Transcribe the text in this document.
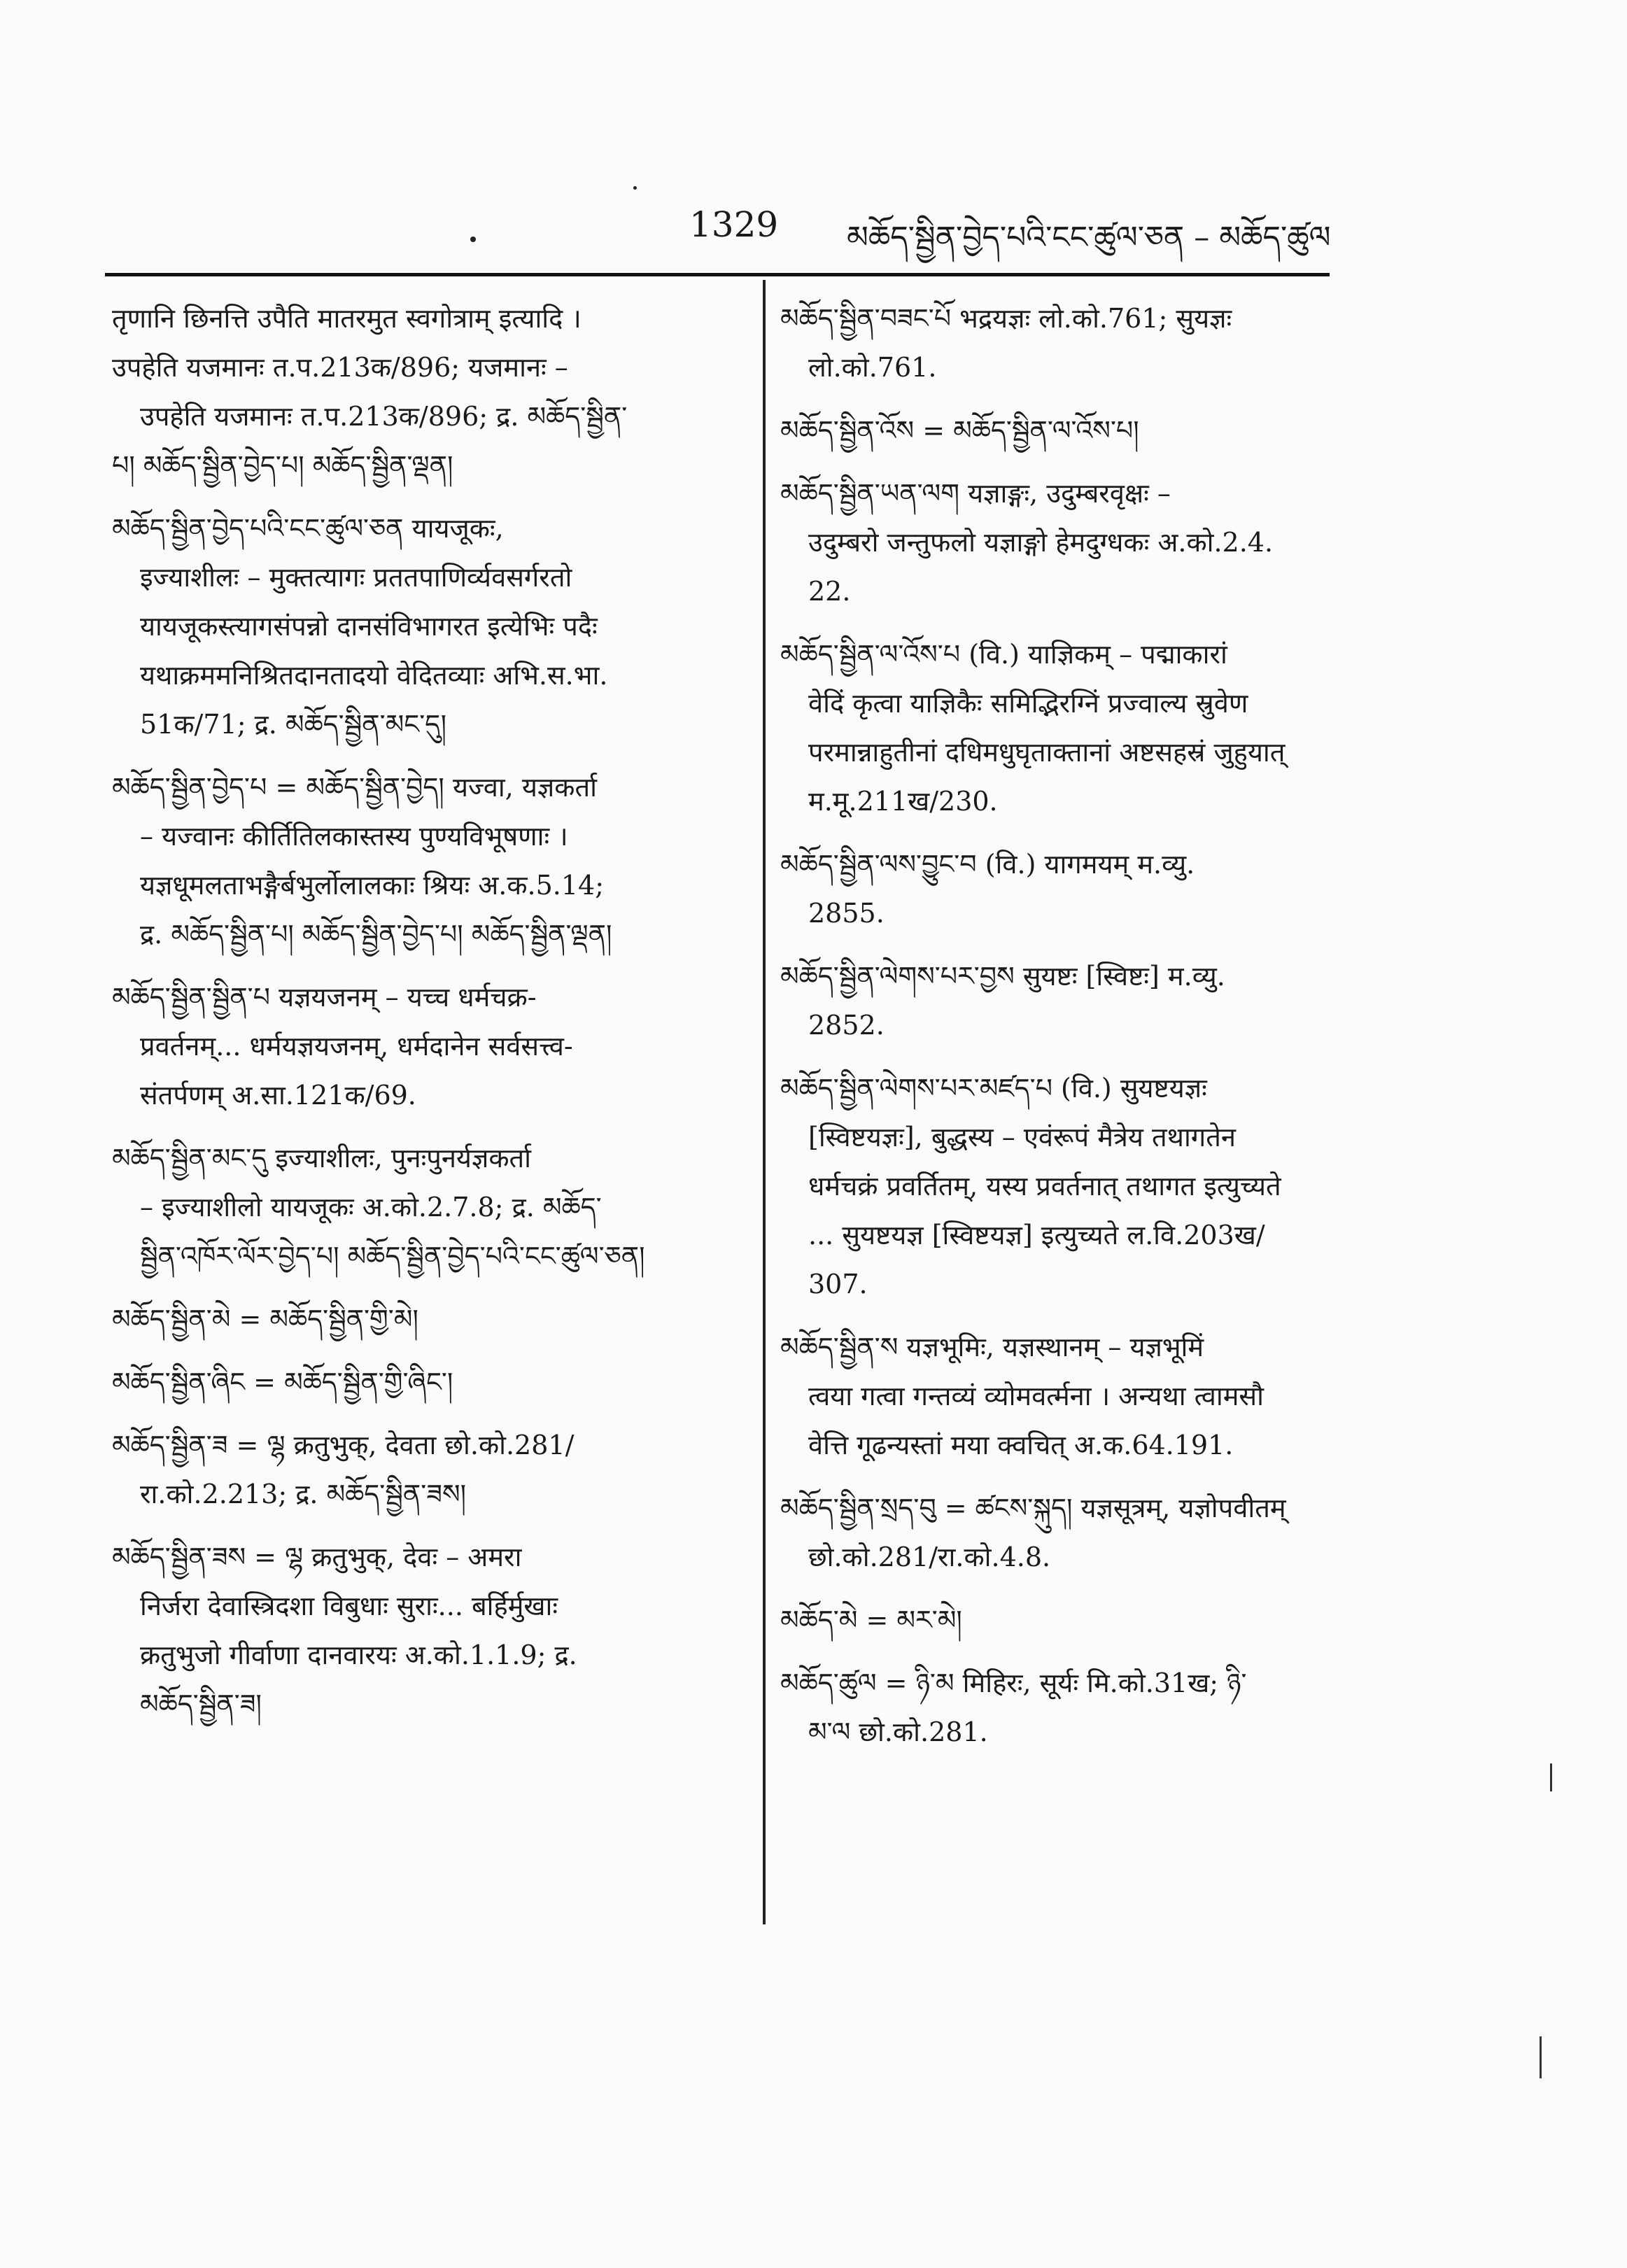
1329 མཆོད་སྦྱིན་བྱེད་པའི་ངང་ཚུལ་ཅན – མཆོད་ཚུལ

तृणानि छिनत्ति उपैति मातरमुत स्वगोत्राम् इत्यादि ।

उपहेति यजमानः त.प.213क/896; यजमानः –

उपहेति यजमानः त.प.213क/896; द्र. མཆོད་སྦྱིན་

པ། མཆོད་སྦྱིན་བྱེད་པ། མཆོད་སྦྱིན་ལྡན།

མཆོད་སྦྱིན་བྱེད་པའི་ངང་ཚུལ་ཅན यायजूकः,

इज्याशीलः – मुक्तत्यागः प्रततपाणिर्व्यवसर्गरतो

यायजूकस्त्यागसंपन्नो दानसंविभागरत इत्येभिः पदैः

यथाक्रममनिश्रितदानतादयो वेदितव्याः अभि.स.भा.

51क/71; द्र. མཆོད་སྦྱིན་མང་དུ།

མཆོད་སྦྱིན་བྱེད་པ = མཆོད་སྦྱིན་བྱེད། यज्वा, यज्ञकर्ता

– यज्वानः कीर्तितिलकास्तस्य पुण्यविभूषणाः ।

यज्ञधूमलताभङ्गैर्बभुर्लोलालकाः श्रियः अ.क.5.14;

द्र. མཆོད་སྦྱིན་པ། མཆོད་སྦྱིན་བྱེད་པ། མཆོད་སྦྱིན་ལྡན།

མཆོད་སྦྱིན་སྦྱིན་པ यज्ञयजनम् – यच्च धर्मचक्र-

प्रवर्तनम्... धर्मयज्ञयजनम्, धर्मदानेन सर्वसत्त्व-

संतर्पणम् अ.सा.121क/69.

མཆོད་སྦྱིན་མང་དུ इज्याशीलः, पुनःपुनर्यज्ञकर्ता

– इज्याशीलो यायजूकः अ.को.2.7.8; द्र. མཆོད་

སྦྱིན་འཁོར་ལོར་བྱེད་པ། མཆོད་སྦྱིན་བྱེད་པའི་ངང་ཚུལ་ཅན།

མཆོད་སྦྱིན་མེ = མཆོད་སྦྱིན་གྱི་མེ།

མཆོད་སྦྱིན་ཞིང = མཆོད་སྦྱིན་གྱི་ཞིང་།

མཆོད་སྦྱིན་ཟ = ལྷ क्रतुभुक्, देवता छो.को.281/

रा.को.2.213; द्र. མཆོད་སྦྱིན་ཟས།

མཆོད་སྦྱིན་ཟས = ལྷ क्रतुभुक्, देवः – अमरा

निर्जरा देवास्त्रिदशा विबुधाः सुराः... बर्हिर्मुखाः

क्रतुभुजो गीर्वाणा दानवारयः अ.को.1.1.9; द्र.

མཆོད་སྦྱིན་ཟ།

མཆོད་སྦྱིན་བཟང་པོ भद्रयज्ञः लो.को.761; सुयज्ञः

लो.को.761.

མཆོད་སྦྱིན་འོས = མཆོད་སྦྱིན་ལ་འོས་པ།

མཆོད་སྦྱིན་ཡན་ལག यज्ञाङ्गः, उदुम्बरवृक्षः –

उदुम्बरो जन्तुफलो यज्ञाङ्गो हेमदुग्धकः अ.को.2.4.

22.

མཆོད་སྦྱིན་ལ་འོས་པ (वि.) याज्ञिकम् – पद्माकारां

वेदिं कृत्वा याज्ञिकैः समिद्भिरग्निं प्रज्वाल्य स्रुवेण

परमान्नाहुतीनां दधिमधुघृताक्तानां अष्टसहस्रं जुहुयात्

म.मू.211ख/230.

མཆོད་སྦྱིན་ལས་བྱུང་བ (वि.) यागमयम् म.व्यु.

2855.

མཆོད་སྦྱིན་ལེགས་པར་བྱས सुयष्टः [स्विष्टः] म.व्यु.

2852.

མཆོད་སྦྱིན་ལེགས་པར་མཛད་པ (वि.) सुयष्टयज्ञः

[स्विष्टयज्ञः], बुद्धस्य – एवंरूपं मैत्रेय तथागतेन

धर्मचक्रं प्रवर्तितम्, यस्य प्रवर्तनात् तथागत इत्युच्यते

... सुयष्टयज्ञ [स्विष्टयज्ञ] इत्युच्यते ल.वि.203ख/

307.

མཆོད་སྦྱིན་ས यज्ञभूमिः, यज्ञस्थानम् – यज्ञभूमिं

त्वया गत्वा गन्तव्यं व्योमवर्त्मना । अन्यथा त्वामसौ

वेत्ति गूढन्यस्तां मया क्वचित् अ.क.64.191.

མཆོད་སྦྱིན་སྲད་བུ = ཚངས་སྐུད། यज्ञसूत्रम्, यज्ञोपवीतम्

छो.को.281/रा.को.4.8.

མཆོད་མེ = མར་མེ།

མཆོད་ཚུལ = ཉི་མ मिहिरः, सूर्यः मि.को.31ख; ཉི་

མ་ལ छो.को.281.
